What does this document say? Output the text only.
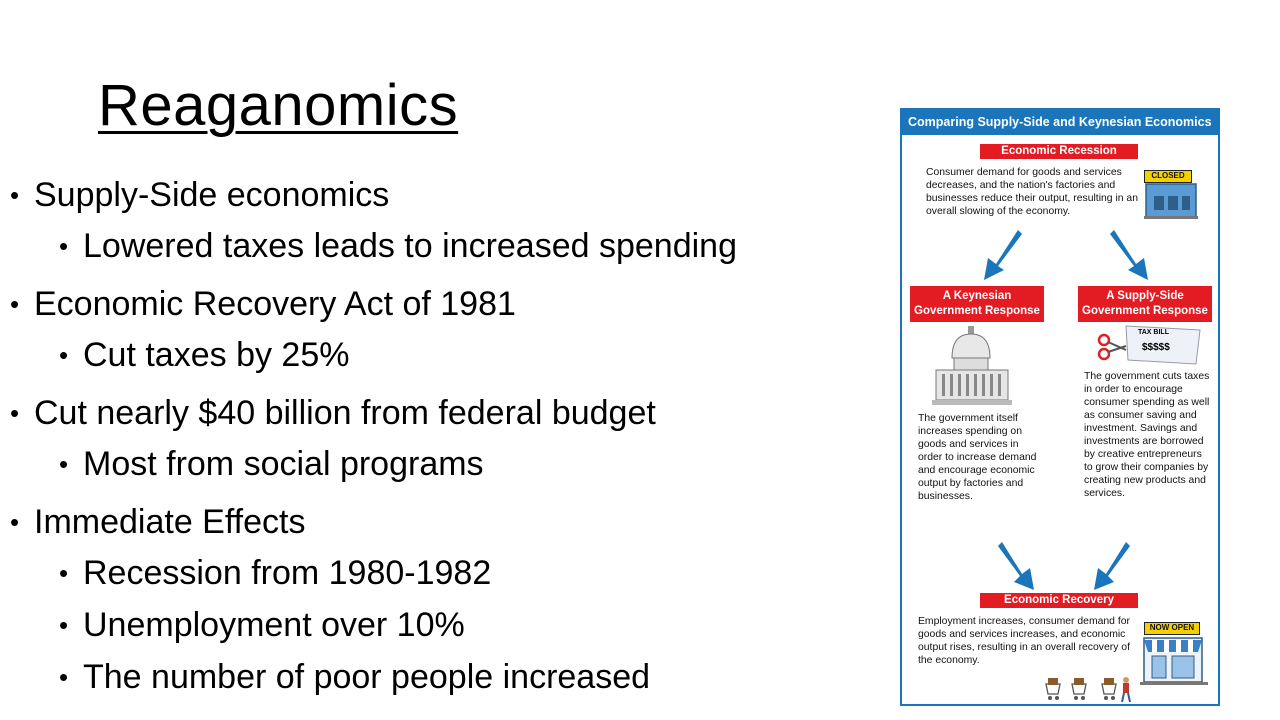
Reaganomics
• Supply-Side economics
• Lowered taxes leads to increased spending
• Economic Recovery Act of 1981
• Cut taxes by 25%
• Cut nearly $40 billion from federal budget
• Most from social programs
• Immediate Effects
• Recession from 1980-1982
• Unemployment over 10%
• The number of poor people increased
Comparing Supply-Side and Keynesian Economics
Economic Recession
Consumer demand for goods and services decreases, and the nation's factories and businesses reduce their output, resulting in an overall slowing of the economy.
CLOSED
A Keynesian
Government Response
The government itself increases spending on goods and services in order to increase demand and encourage economic output by factories and businesses.
A Supply-Side
Government Response
TAX BILL
$$$$$
The government cuts taxes in order to encourage consumer spending as well as consumer saving and investment. Savings and investments are borrowed by creative entrepreneurs to grow their companies by creating new products and services.
Economic Recovery
Employment increases, consumer demand for goods and services increases, and economic output rises, resulting in an overall recovery of the economy.
NOW OPEN
